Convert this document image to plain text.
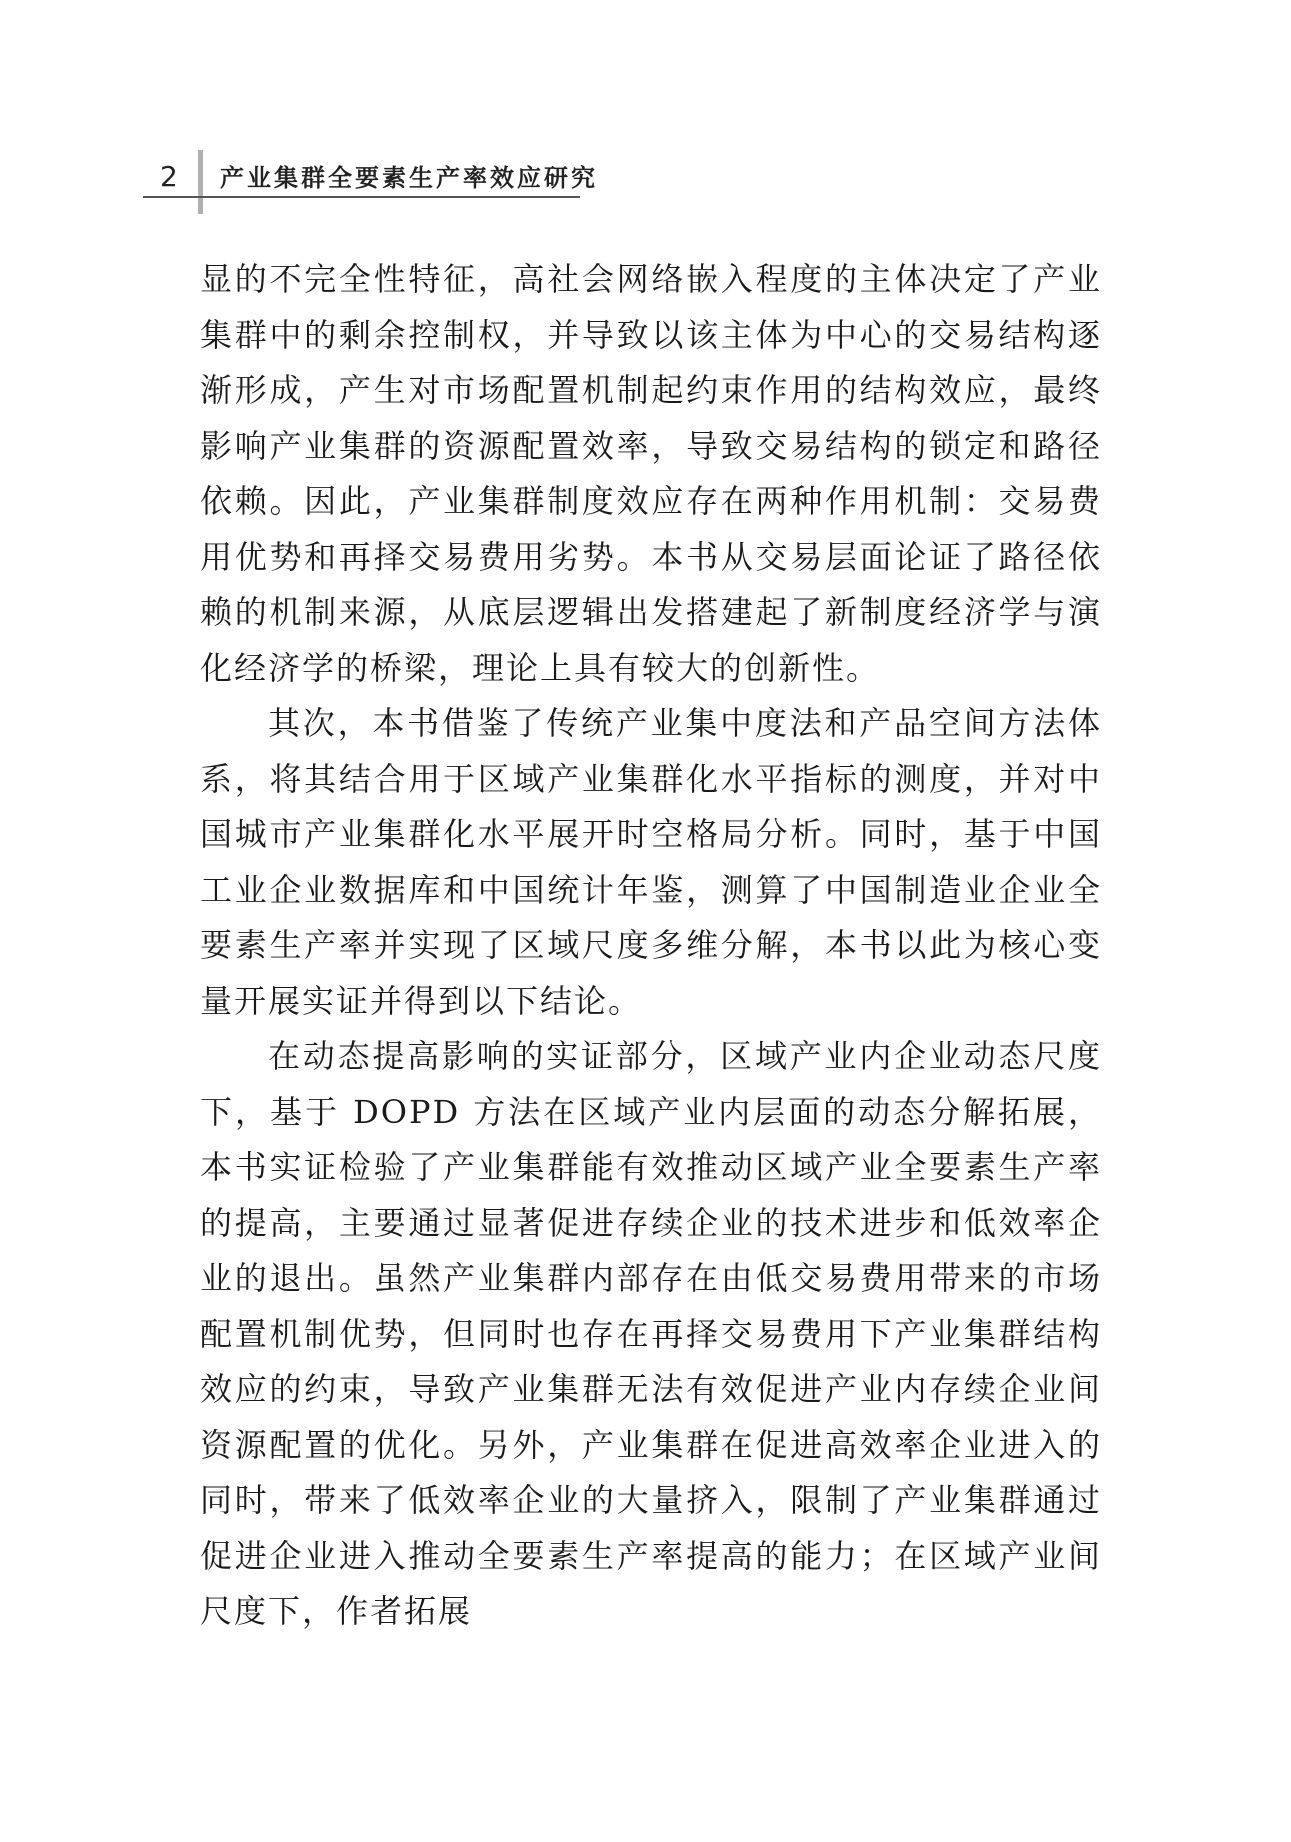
2 产业集群全要素生产率效应研究

显的不完全性特征，高社会网络嵌入程度的主体决定了产业集群中的剩余控制权，并导致以该主体为中心的交易结构逐渐形成，产生对市场配置机制起约束作用的结构效应，最终影响产业集群的资源配置效率，导致交易结构的锁定和路径依赖。因此，产业集群制度效应存在两种作用机制：交易费用优势和再择交易费用劣势。本书从交易层面论证了路径依赖的机制来源，从底层逻辑出发搭建起了新制度经济学与演化经济学的桥梁，理论上具有较大的创新性。

其次，本书借鉴了传统产业集中度法和产品空间方法体系，将其结合用于区域产业集群化水平指标的测度，并对中国城市产业集群化水平展开时空格局分析。同时，基于中国工业企业数据库和中国统计年鉴，测算了中国制造业企业全要素生产率并实现了区域尺度多维分解，本书以此为核心变量开展实证并得到以下结论。

在动态提高影响的实证部分，区域产业内企业动态尺度下，基于 DOPD 方法在区域产业内层面的动态分解拓展，本书实证检验了产业集群能有效推动区域产业全要素生产率的提高，主要通过显著促进存续企业的技术进步和低效率企业的退出。虽然产业集群内部存在由低交易费用带来的市场配置机制优势，但同时也存在再择交易费用下产业集群结构效应的约束，导致产业集群无法有效促进产业内存续企业间资源配置的优化。另外，产业集群在促进高效率企业进入的同时，带来了低效率企业的大量挤入，限制了产业集群通过促进企业进入推动全要素生产率提高的能力；在区域产业间尺度下，作者拓展
